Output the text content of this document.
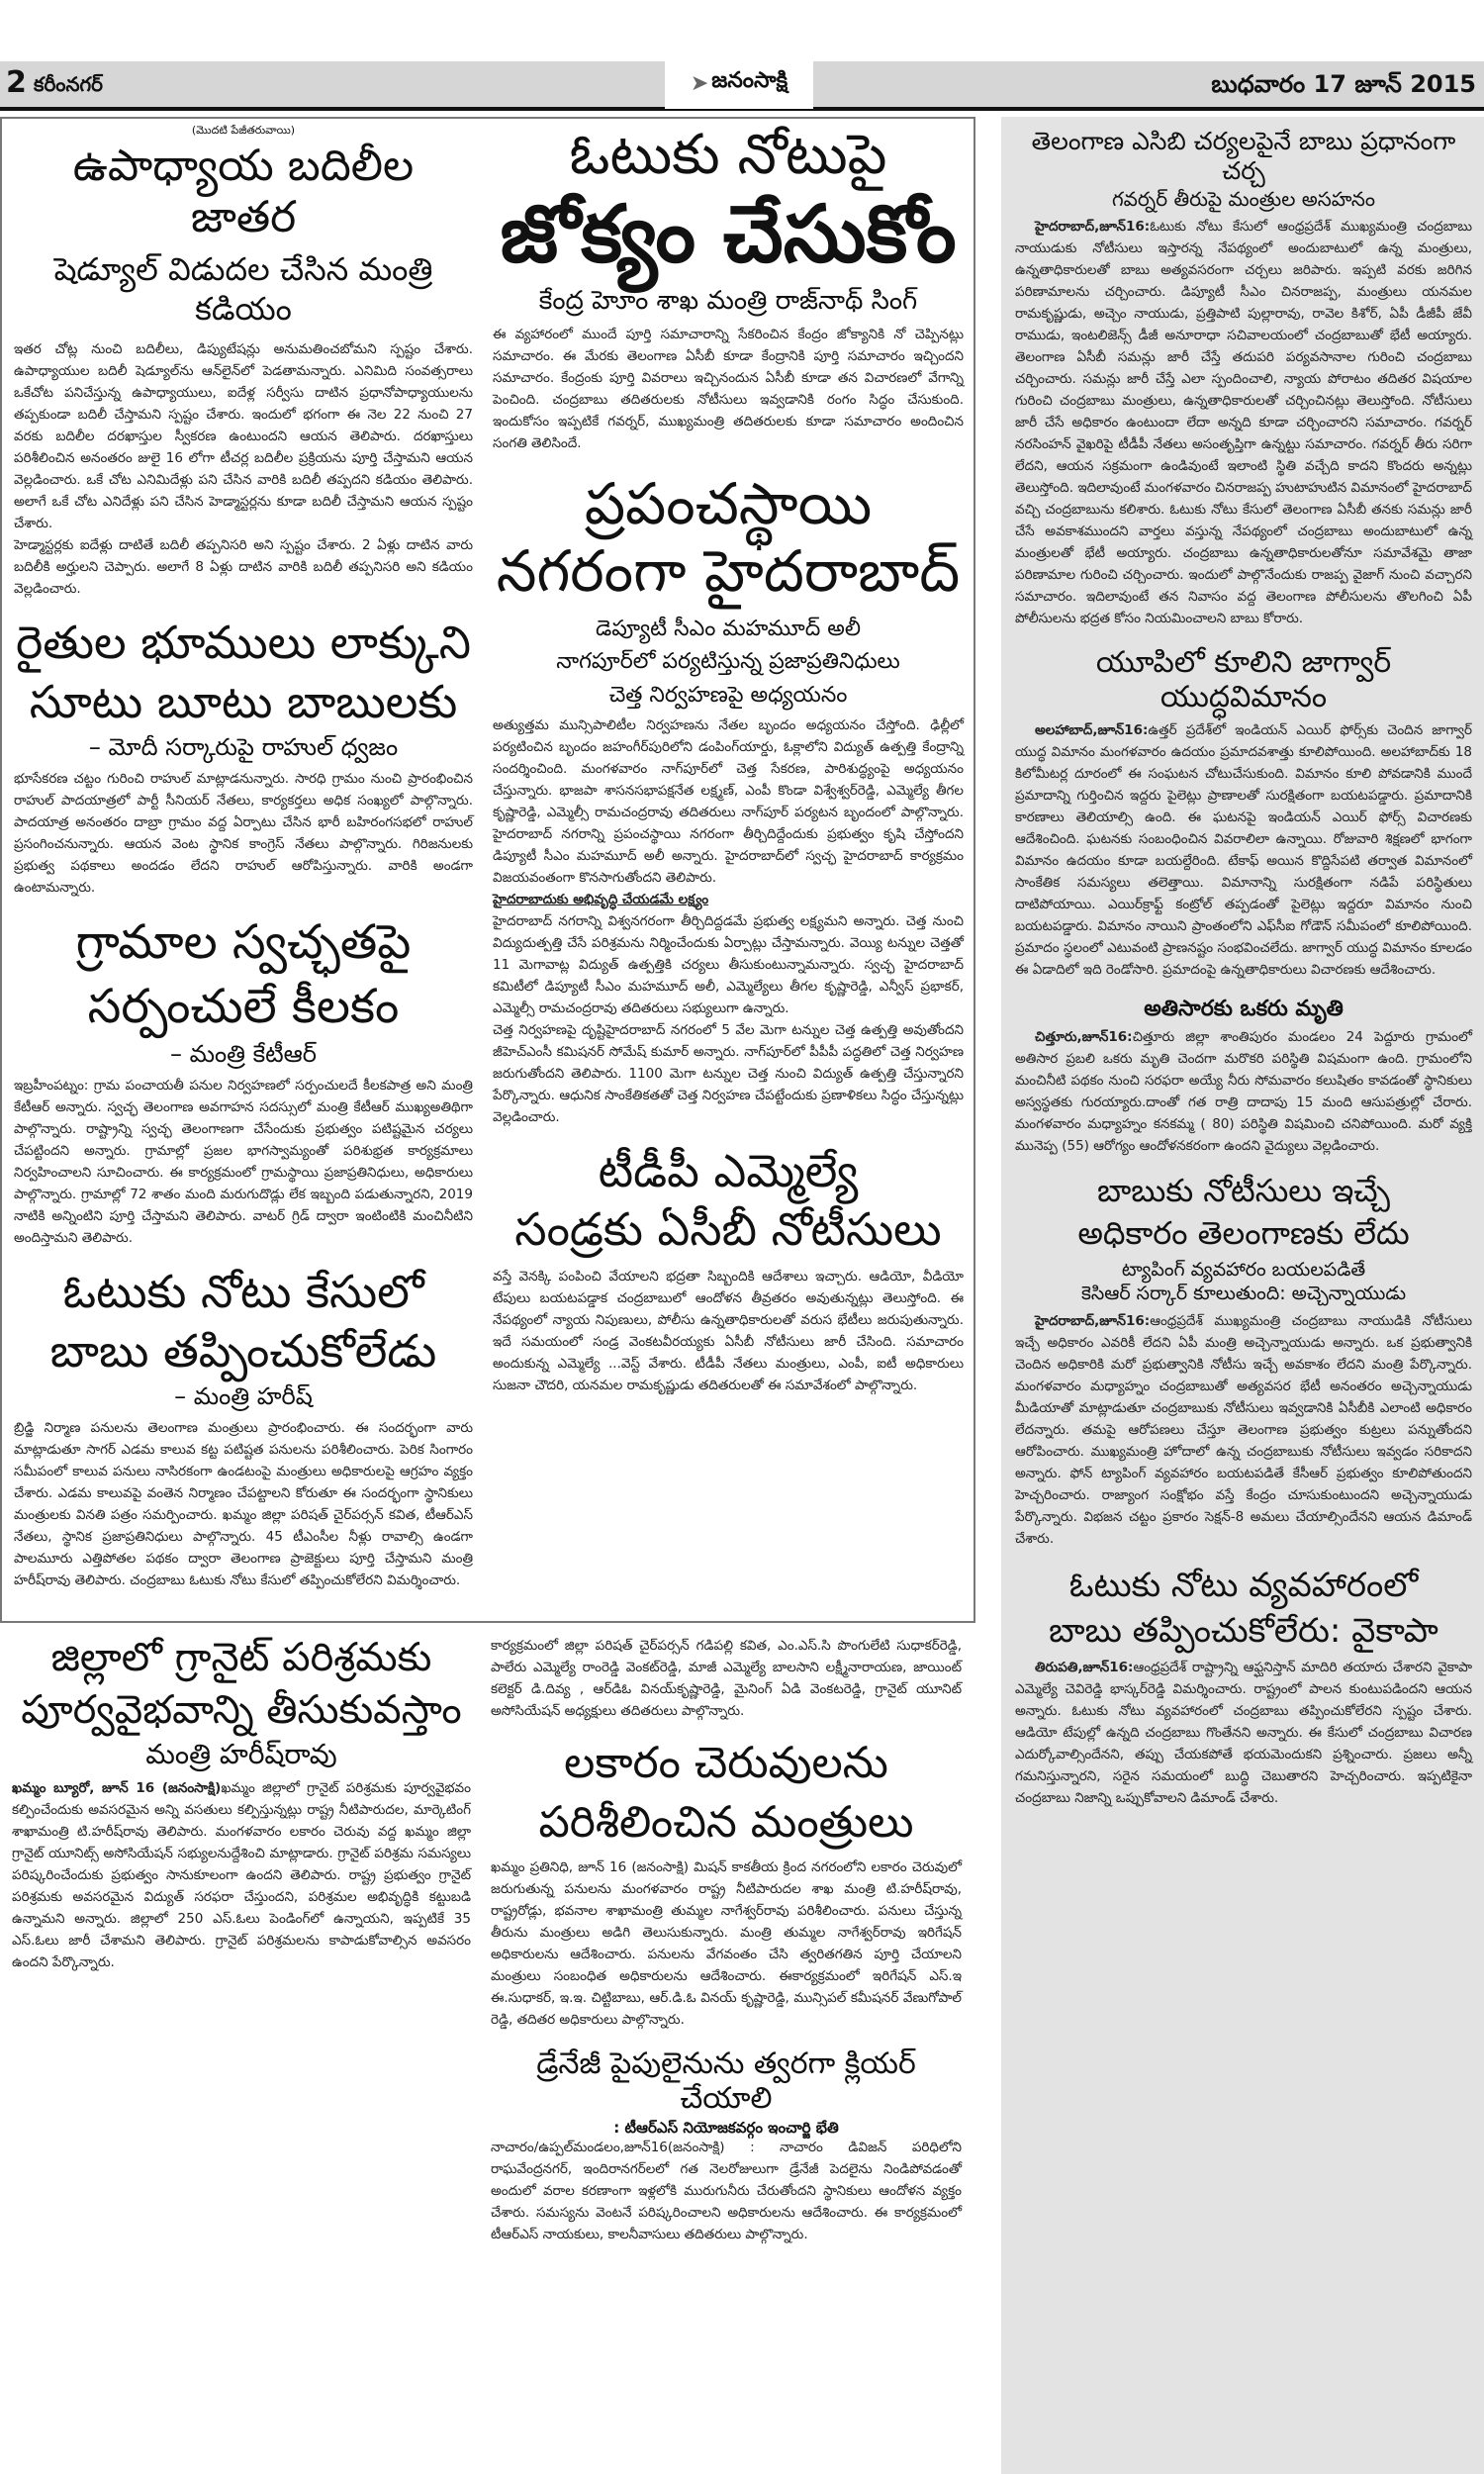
2 కరీంనగర్	➤ జనంసాక్షి	బుధవారం 17 జూన్ 2015

(మొదటి పేజీతరువాయి)

ఉపాధ్యాయ బదిలీల జాతర
షెడ్యూల్ విడుదల చేసిన మంత్రి కడియం

ఇతర చోట్ల నుంచి బదిలీలు, డిప్యుటేషన్లు అనుమతించబోమని స్పష్టం చేశారు. ఉపాధ్యాయుల బదిలీ షెడ్యూల్‌ను ఆన్‌లైన్‌లో పెడతామన్నారు. ఎనిమిది సంవత్సరాలు ఒకేచోట పనిచేస్తున్న ఉపాధ్యాయులు, ఐదేళ్ల సర్వీసు దాటిన ప్రధానోపాధ్యాయులను తప్పకుండా బదిలీ చేస్తామని స్పష్టం చేశారు. ఇందులో భగంగా ఈ నెల 22 నుంచి 27 వరకు బదిలీల దరఖాస్తుల స్వీకరణ ఉంటుందని ఆయన తెలిపారు. దరఖాస్తులు పరిశీలించిన అనంతరం జులై 16 లోగా టీచర్ల బదిలీల ప్రక్రియను పూర్తి చేస్తామని ఆయన వెల్లడించారు. ఒకే చోట ఎనిమిదేళ్లు పని చేసిన వారికి బదిలీ తప్పదని కడియం తెలిపారు. అలాగే ఒకే చోట ఎనిదేళ్లు పని చేసిన హెడ్మాస్టర్లను కూడా బదిలీ చేస్తామని ఆయన స్పష్టం చేశారు.

హెడ్మాస్టర్లకు ఐదేళ్లు దాటితే బదిలీ తప్పనిసరి అని స్పష్టం చేశారు. 2 ఏళ్లు దాటిన వారు బదిలీకి అర్హులని చెప్పారు. అలాగే 8 ఏళ్లు దాటిన వారికి బదిలీ తప్పనిసరి అని కడియం వెల్లడించారు.

రైతుల భూములు లాక్కుని
సూటు బూటు బాబులకు
– మోదీ సర్కారుపై రాహుల్ ధ్వజం

భూసేకరణ చట్టం గురించి రాహుల్ మాట్లాడనున్నారు. సారధి గ్రామం నుంచి ప్రారంభించిన రాహుల్ పాదయాత్రలో పార్టీ సీనియర్ నేతలు, కార్యకర్తలు అధిక సంఖ్యలో పాల్గొన్నారు. పాదయాత్ర అనంతరం దాబ్రా గ్రామం వద్ద ఏర్పాటు చేసిన భారీ బహిరంగసభలో రాహుల్ ప్రసంగించనున్నారు. ఆయన వెంట స్థానిక కాంగ్రెస్ నేతలు పాల్గొన్నారు. గిరిజనులకు ప్రభుత్వ పథకాలు అందడం లేదని రాహుల్ ఆరోపిస్తున్నారు. వారికి అండగా ఉంటామన్నారు.

గ్రామాల స్వచ్ఛతపై
సర్పంచులే కీలకం
– మంత్రి కేటీఆర్

ఇబ్రహీంపట్నం: గ్రామ పంచాయతీ పనుల నిర్వహణలో సర్పంచులదే కీలకపాత్ర అని మంత్రి కేటీఆర్ అన్నారు. స్వచ్ఛ తెలంగాణ అవగాహన సదస్సులో మంత్రి కేటీఆర్ ముఖ్యఅతిథిగా పాల్గొన్నారు. రాష్ట్రాన్ని స్వచ్ఛ తెలంగాణగా చేసేందుకు ప్రభుత్వం పటిష్టమైన చర్యలు చేపట్టిందని అన్నారు. గ్రామాల్లో ప్రజల భాగస్వామ్యంతో పరిశుభ్రత కార్యక్రమాలు నిర్వహించాలని సూచించారు. ఈ కార్యక్రమంలో గ్రామస్థాయి ప్రజాప్రతినిధులు, అధికారులు పాల్గొన్నారు. గ్రామాల్లో 72 శాతం మంది మరుగుదొడ్లు లేక ఇబ్బంది పడుతున్నారని, 2019 నాటికి అన్నింటిని పూర్తి చేస్తామని తెలిపారు. వాటర్ గ్రిడ్ ద్వారా ఇంటింటికి మంచినీటిని అందిస్తామని తెలిపారు.

ఓటుకు నోటు కేసులో
బాబు తప్పించుకోలేడు
– మంత్రి హరీష్

బ్రిడ్జి నిర్మాణ పనులను తెలంగాణ మంత్రులు ప్రారంభించారు. ఈ సందర్భంగా వారు మాట్లాడుతూ సాగర్ ఎడమ కాలువ కట్ట పటిష్టత పనులను పరిశీలించారు. పెరిక సింగారం సమీపంలో కాలువ పనులు నాసిరకంగా ఉండటంపై మంత్రులు అధికారులపై ఆగ్రహం వ్యక్తం చేశారు. ఎడమ కాలువపై వంతెన నిర్మాణం చేపట్టాలని కోరుతూ ఈ సందర్భంగా స్థానికులు మంత్రులకు వినతి పత్రం సమర్పించారు. ఖమ్మం జిల్లా పరిషత్ చైర్‌పర్సన్ కవిత, టీఆర్ఎస్ నేతలు, స్థానిక ప్రజాప్రతినిధులు పాల్గొన్నారు. 45 టీఎంసీల నీళ్లు రావాల్సి ఉండగా పాలమూరు ఎత్తిపోతల పథకం ద్వారా తెలంగాణ ప్రాజెక్టులు పూర్తి చేస్తామని మంత్రి హరీష్‌రావు తెలిపారు. చంద్రబాబు ఓటుకు నోటు కేసులో తప్పించుకోలేరని విమర్శించారు.

ఓటుకు నోటుపై
జోక్యం చేసుకోం
కేంద్ర హెూం శాఖ మంత్రి రాజ్‌నాథ్ సింగ్

ఈ వ్యహారంలో ముందే పూర్తి సమాచారాన్ని సేకరించిన కేంద్రం జోక్యానికి నో చెప్పినట్లు సమాచారం. ఈ మేరకు తెలంగాణ ఏసీబీ కూడా కేంద్రానికి పూర్తి సమాచారం ఇచ్చిందని సమాచారం. కేంద్రంకు పూర్తి వివరాలు ఇచ్చినందున ఏసీబీ కూడా తన విచారణలో వేగాన్ని పెంచింది. చంద్రబాబు తదితరులకు నోటీసులు ఇవ్వడానికి రంగం సిద్ధం చేసుకుంది. ఇందుకోసం ఇప్పటికే గవర్నర్, ముఖ్యమంత్రి తదితరులకు కూడా సమాచారం అందించిన సంగతి తెలిసిందే.

ప్రపంచస్థాయి
నగరంగా హైదరాబాద్
డెప్యూటీ సీఎం మహమూద్ అలీ
నాగపూర్‌లో పర్యటిస్తున్న ప్రజాప్రతినిధులు
చెత్త నిర్వహణపై అధ్యయనం

అత్యుత్తమ మున్సిపాలిటీల నిర్వహణను నేతల బృందం అధ్యయనం చేస్తోంది. ఢిల్లీలో పర్యటించిన బృందం జహంగీర్‌పురిలోని డంపింగ్‌యార్డు, ఓక్లాలోని విద్యుత్ ఉత్పత్తి కేంద్రాన్ని సందర్శించింది. మంగళవారం నాగ్‌పూర్‌లో చెత్త సేకరణ, పారిశుద్ధ్యంపై అధ్యయనం చేస్తున్నారు. భాజపా శాసనసభాపక్షనేత లక్ష్మణ్, ఎంపీ కొండా విశ్వేశ్వర్‌రెడ్డి, ఎమ్మెల్యే తీగల కృష్ణారెడ్డి, ఎమ్మెల్సీ రామచంద్రరావు తదితరులు నాగ్‌పూర్ పర్యటన బృందంలో పాల్గొన్నారు. హైదరాబాద్ నగరాన్ని ప్రపంచస్థాయి నగరంగా తీర్చిదిద్దేందుకు ప్రభుత్వం కృషి చేస్తోందని డిప్యూటీ సీఎం మహమూద్ అలీ అన్నారు. హైదరాబాద్‌లో స్వచ్ఛ హైదరాబాద్ కార్యక్రమం విజయవంతంగా కొనసాగుతోందని తెలిపారు.

హైదరాబాదుకు అభివృద్ధి చేయడమే లక్ష్యం

హైదరాబాద్ నగరాన్ని విశ్వనగరంగా తీర్చిదిద్దడమే ప్రభుత్వ లక్ష్యమని అన్నారు. చెత్త నుంచి విద్యుదుత్పత్తి చేసే పరిశ్రమను నిర్మించేందుకు ఏర్పాట్లు చేస్తామన్నారు. వెయ్యి టన్నుల చెత్తతో 11 మెగావాట్ల విద్యుత్ ఉత్పత్తికి చర్యలు తీసుకుంటున్నామన్నారు. స్వచ్ఛ హైదరాబాద్ కమిటీలో డిప్యూటీ సీఎం మహమూద్ అలీ, ఎమ్మెల్యేలు తీగల కృష్ణారెడ్డి, ఎన్వీస్ ప్రభాకర్, ఎమ్మెల్సీ రామచంద్రరావు తదితరులు సభ్యులుగా ఉన్నారు.

చెత్త నిర్వహణపై దృష్టిహైదరాబాద్ నగరంలో 5 వేల మెగా టన్నుల చెత్త ఉత్పత్తి అవుతోందని జీహెచ్ఎంసీ కమిషనర్ సోమేష్ కుమార్ అన్నారు. నాగ్‌పూర్‌లో పీపీపీ పద్ధతిలో చెత్త నిర్వహణ జరుగుతోందని తెలిపారు. 1100 మెగా టన్నుల చెత్త నుంచి విద్యుత్ ఉత్పత్తి చేస్తున్నారని పేర్కొన్నారు. ఆధునిక సాంకేతికతతో చెత్త నిర్వహణ చేపట్టేందుకు ప్రణాళికలు సిద్ధం చేస్తున్నట్లు వెల్లడించారు.

టీడీపీ ఎమ్మెల్యే
సండ్రకు ఏసీబీ నోటీసులు

వస్తే వెనక్కి పంపించి వేయాలని భద్రతా సిబ్బందికి ఆదేశాలు ఇచ్చారు. ఆడియో, వీడియో టేపులు బయటపడ్డాక చంద్రబాబులో ఆందోళన తీవ్రతరం అవుతున్నట్లు తెలుస్తోంది. ఈ నేపథ్యంలో న్యాయ నిపుణులు, పోలీసు ఉన్నతాధికారులతో వరుస భేటీలు జరుపుతున్నారు. ఇదే సమయంలో సండ్ర వెంకటవీరయ్యకు ఏసీబీ నోటీసులు జారీ చేసింది. సమాచారం అందుకున్న ఎమ్మెల్యే ...వెస్ట్ వేశారు. టీడీపీ నేతలు మంత్రులు, ఎంపీ, ఐటీ అధికారులు సుజనా చౌదరి, యనమల రామకృష్ణుడు తదితరులతో ఈ సమావేశంలో పాల్గొన్నారు.

జిల్లాలో గ్రానైట్ పరిశ్రమకు
పూర్వవైభవాన్ని తీసుకువస్తాం
మంత్రి హరీష్‌రావు

ఖమ్మం బ్యూరో, జూన్ 16 (జనంసాక్షి)ఖమ్మం జిల్లాలో గ్రానైట్ పరిశ్రమకు పూర్వవైభవం కల్పించేందుకు అవసరమైన అన్ని వసతులు కల్పిస్తున్నట్లు రాష్ట్ర నీటిపారుదల, మార్కెటింగ్ శాఖామంత్రి టి.హరీష్‌రావు తెలిపారు. మంగళవారం లకారం చెరువు వద్ద ఖమ్మం జిల్లా గ్రానైట్ యూనిట్స్ అసోసియేషన్ సభ్యులనుద్దేశించి మాట్లాడారు. గ్రానైట్ పరిశ్రమ సమస్యలు పరిష్కరించేందుకు ప్రభుత్వం సానుకూలంగా ఉందని తెలిపారు. రాష్ట్ర ప్రభుత్వం గ్రానైట్ పరిశ్రమకు అవసరమైన విద్యుత్ సరఫరా చేస్తుందని, పరిశ్రమల అభివృద్ధికి కట్టుబడి ఉన్నామని అన్నారు. జిల్లాలో 250 ఎస్.ఓలు పెండింగ్‌లో ఉన్నాయని, ఇప్పటికే 35 ఎస్.ఓలు జారీ చేశామని తెలిపారు. గ్రానైట్ పరిశ్రమలను కాపాడుకోవాల్సిన అవసరం ఉందని పేర్కొన్నారు.

కార్యక్రమంలో జిల్లా పరిషత్ చైర్‌పర్సన్ గడిపల్లి కవిత, ఎం.ఎస్.సి పొంగులేటి సుధాకర్‌రెడ్డి, పాలేరు ఎమ్మెల్యే రాంరెడ్డి వెంకట్‌రెడ్డి, మాజీ ఎమ్మెల్యే బాలసాని లక్ష్మీనారాయణ, జాయింట్ కలెక్టర్ డి.దివ్య , ఆర్‌డిఓ వినయ్‌కృష్ణారెడ్డి, మైనింగ్ ఏడి వెంకటరెడ్డి, గ్రానైట్ యూనిట్ అసోసియేషన్ అధ్యక్షులు తదితరులు పాల్గొన్నారు.

లకారం చెరువులను
పరిశీలించిన మంత్రులు

ఖమ్మం ప్రతినిధి, జూన్ 16 (జనంసాక్షి) మిషన్ కాకతీయ క్రింద నగరంలోని లకారం చెరువులో జరుగుతున్న పనులను మంగళవారం రాష్ట్ర నీటిపారుదల శాఖ మంత్రి టి.హరీష్‌రావు, రాష్ట్రరోడ్లు, భవనాల శాఖామంత్రి తుమ్మల నాగేశ్వర్‌రావు పరిశీలించారు. పనులు చేస్తున్న తీరును మంత్రులు అడిగి తెలుసుకున్నారు. మంత్రి తుమ్మల నాగేశ్వర్‌రావు ఇరిగేషన్ అధికారులను ఆదేశించారు. పనులను వేగవంతం చేసి త్వరితగతిన పూర్తి చేయాలని మంత్రులు సంబంధిత అధికారులను ఆదేశించారు. ఈకార్యక్రమంలో ఇరిగేషన్ ఎస్.ఇ ఈ.సుధాకర్, ఇ.ఇ. చిట్టిబాబు, ఆర్.డి.ఓ వినయ్ కృష్ణారెడ్డి, మున్సిపల్ కమీషనర్ వేణుగోపాల్ రెడ్డి, తదితర అధికారులు పాల్గొన్నారు.

డ్రేనేజీ పైపులైనును త్వరగా క్లియర్ చేయాలి
: టీఆర్ఎస్ నియోజకవర్గం ఇంచార్జి భేతి

నాచారం/ఉప్పల్‌మండలం,జూన్16(జనంసాక్షి) : నాచారం డివిజన్ పరిధిలోని రాఘవేంద్రనగర్, ఇందిరానగర్‌లలో గత నెలరోజులుగా డ్రేనేజీ పెదలైను నిండిపోవడంతో అందులో వరాల కరణాంగా ఇళ్లలోకి మురుగునీరు చేరుతోందని స్థానికులు ఆందోళన వ్యక్తం చేశారు. సమస్యను వెంటనే పరిష్కరించాలని అధికారులను ఆదేశించారు. ఈ కార్యక్రమంలో టీఆర్ఎస్ నాయకులు, కాలనీవాసులు తదితరులు పాల్గొన్నారు.

తెలంగాణ ఎసిబి చర్యలపైనే బాబు ప్రధానంగా చర్చ
గవర్నర్ తీరుపై మంత్రుల అసహనం

హైదరాబాద్,జూన్16:ఓటుకు నోటు కేసులో ఆంధ్రప్రదేశ్ ముఖ్యమంత్రి చంద్రబాబు నాయుడుకు నోటీసులు ఇస్తారన్న నేపథ్యంలో అందుబాటులో ఉన్న మంత్రులు, ఉన్నతాధికారులతో బాబు అత్యవసరంగా చర్చలు జరిపారు. ఇప్పటి వరకు జరిగిన పరిణామాలను చర్చించారు. డిప్యూటీ సీఎం చినరాజప్ప, మంత్రులు యనమల రామకృష్ణుడు, అచ్చెం నాయుడు, ప్రత్తిపాటి పుల్లారావు, రావెల కిశోర్, ఏపీ డీజీపీ జేవీ రాముడు, ఇంటలిజెన్స్ డీజీ అనూరాధా సచివాలయంలో చంద్రబాబుతో భేటీ అయ్యారు. తెలంగాణ ఏసీబీ సమన్లు జారీ చేస్తే తదుపరి పర్యవసానాల గురించి చంద్రబాబు చర్చించారు. సమన్లు జారీ చేస్తే ఎలా స్పందించాలి, న్యాయ పోరాటం తదితర విషయాల గురించి చంద్రబాబు మంత్రులు, ఉన్నతాధికారులతో చర్చించినట్లు తెలుస్తోంది. నోటీసులు జారీ చేసే అధికారం ఉంటుందా లేదా అన్నది కూడా చర్చించారని సమాచారం. గవర్నర్ నరసింహన్ వైఖరిపై టీడీపీ నేతలు అసంతృప్తిగా ఉన్నట్టు సమాచారం. గవర్నర్ తీరు సరిగా లేదని, ఆయన సక్రమంగా ఉండివుంటే ఇలాంటి స్థితి వచ్చేది కాదని కొందరు అన్నట్లు తెలుస్తోంది. ఇదిలావుంటే మంగళవారం చినరాజప్ప హుటాహుటిన విమానంలో హైదరాబాద్ వచ్చి చంద్రబాబును కలిశారు. ఓటుకు నోటు కేసులో తెలంగాణ ఏసీబీ తనకు సమన్లు జారీ చేసే అవకాశముందని వార్తలు వస్తున్న నేపథ్యంలో చంద్రబాబు అందుబాటులో ఉన్న మంత్రులతో భేటీ అయ్యారు. చంద్రబాబు ఉన్నతాధికారులతోనూ సమావేశమై తాజా పరిణామాల గురించి చర్చించారు. ఇందులో పాల్గొనేందుకు రాజప్ప వైజాగ్ నుంచి వచ్చారని సమాచారం. ఇదిలావుంటే తన నివాసం వద్ద తెలంగాణ పోలీసులను తొలగించి ఏపీ పోలీసులను భద్రత కోసం నియమించాలని బాబు కోరారు.

యూపిలో కూలిని జాగ్వార్ యుద్ధవిమానం

అలహాబాద్,జూన్16:ఉత్తర్ ప్రదేశ్‌లో ఇండియన్ ఎయిర్ ఫోర్స్‌కు చెందిన జాగ్వార్ యుద్ధ విమానం మంగళవారం ఉదయం ప్రమాదవశాత్తు కూలిపోయింది. అలహాబాద్‌కు 18 కిలోమీటర్ల దూరంలో ఈ సంఘటన చోటుచేసుకుంది. విమానం కూలి పోవడానికి ముందే ప్రమాదాన్ని గుర్తించిన ఇద్దరు పైలెట్లు ప్రాణాలతో సురక్షితంగా బయటపడ్డారు. ప్రమాదానికి కారణాలు తెలియాల్సి ఉంది. ఈ ఘటనపై ఇండియన్ ఎయిర్ ఫోర్స్ విచారణకు ఆదేశించింది. ఘటనకు సంబంధించిన వివరాలిలా ఉన్నాయి. రోజువారి శిక్షణలో భాగంగా విమానం ఉదయం కూడా బయల్దేరింది. టేకాఫ్ అయిన కొద్దిసేపటి తర్వాత విమానంలో సాంకేతిక సమస్యలు తలెత్తాయి. విమానాన్ని సురక్షితంగా నడిపే పరిస్థితులు దాటిపోయాయి. ఎయిర్‌క్రాఫ్ట్ కంట్రోల్ తప్పడంతో పైలెట్లు ఇద్దరూ విమానం నుంచి బయటపడ్డారు. విమానం నాయిని ప్రాంతంలోని ఎఫ్‌సీఐ గోడౌన్ సమీపంలో కూలిపోయింది. ప్రమాదం స్థలంలో ఎటువంటి ప్రాణనష్టం సంభవించలేదు. జాగ్వార్ యుద్ధ విమానం కూలడం ఈ ఏడాదిలో ఇది రెండోసారి. ప్రమాదంపై ఉన్నతాధికారులు విచారణకు ఆదేశించారు.

అతిసారకు ఒకరు మృతి

చిత్తూరు,జూన్16:చిత్తూరు జిల్లా శాంతిపురం మండలం 24 పెద్దూరు గ్రామంలో అతిసార ప్రబలి ఒకరు మృతి చెందగా మరొకరి పరిస్థితి విషమంగా ఉంది. గ్రామంలోని మంచినీటి పథకం నుంచి సరఫరా అయ్యే నీరు సోమవారం కలుషితం కావడంతో స్థానికులు అస్వస్థతకు గురయ్యారు.దాంతో గత రాత్రి దాదాపు 15 మంది ఆసుపత్రుల్లో చేరారు. మంగళవారం మధ్యాహ్నం కనకమ్మ ( 80) పరిస్థితి విషమించి చనిపోయింది. మరో వ్యక్తి మునెప్ప (55) ఆరోగ్యం ఆందోళనకరంగా ఉందని వైద్యులు వెల్లడించారు.

బాబుకు నోటీసులు ఇచ్చే
అధికారం తెలంగాణకు లేదు
ట్యాపింగ్ వ్యవహారం బయలపడితే
కెసిఆర్ సర్కార్ కూలుతుంది: అచ్చెన్నాయుడు

హైదరాబాద్,జూన్16:ఆంధ్రప్రదేశ్ ముఖ్యమంత్రి చంద్రబాబు నాయుడికి నోటీసులు ఇచ్చే అధికారం ఎవరికీ లేదని ఏపీ మంత్రి అచ్చెన్నాయుడు అన్నారు. ఒక ప్రభుత్వానికి చెందిన అధికారికి మరో ప్రభుత్వానికి నోటీసు ఇచ్చే అవకాశం లేదని మంత్రి పేర్కొన్నారు. మంగళవారం మధ్యాహ్నం చంద్రబాబుతో అత్యవసర భేటీ అనంతరం అచ్చెన్నాయుడు మీడియాతో మాట్లాడుతూ చంద్రబాబుకు నోటీసులు ఇవ్వడానికి ఏసీబీకి ఎలాంటి అధికారం లేదన్నారు. తమపై ఆరోపణలు చేస్తూ తెలంగాణ ప్రభుత్వం కుట్రలు పన్నుతోందని ఆరోపించారు. ముఖ్యమంత్రి హోదాలో ఉన్న చంద్రబాబుకు నోటీసులు ఇవ్వడం సరికాదని అన్నారు. ఫోన్ ట్యాపింగ్ వ్యవహారం బయటపడితే కేసీఆర్ ప్రభుత్వం కూలిపోతుందని హెచ్చరించారు. రాజ్యాంగ సంక్షోభం వస్తే కేంద్రం చూసుకుంటుందని అచ్చెన్నాయుడు పేర్కొన్నారు. విభజన చట్టం ప్రకారం సెక్షన్-8 అమలు చేయాల్సిందేనని ఆయన డిమాండ్ చేశారు.

ఓటుకు నోటు వ్యవహారంలో
బాబు తప్పించుకోలేరు: వైకాపా

తిరుపతి,జూన్16:ఆంధ్రప్రదేశ్ రాష్ట్రాన్ని ఆఫ్ఘనిస్తాన్ మాదిరి తయారు చేశారని వైకాపా ఎమ్మెల్యే చెవిరెడ్డి భాస్కర్‌రెడ్డి విమర్శించారు. రాష్ట్రంలో పాలన కుంటుపడిందని ఆయన అన్నారు. ఓటుకు నోటు వ్యవహారంలో చంద్రబాబు తప్పించుకోలేరని స్పష్టం చేశారు. ఆడియో టేపుల్లో ఉన్నది చంద్రబాబు గొంతేనని అన్నారు. ఈ కేసులో చంద్రబాబు విచారణ ఎదుర్కోవాల్సిందేనని, తప్పు చేయకపోతే భయమెందుకని ప్రశ్నించారు. ప్రజలు అన్నీ గమనిస్తున్నారని, సరైన సమయంలో బుద్ధి చెబుతారని హెచ్చరించారు. ఇప్పటికైనా చంద్రబాబు నిజాన్ని ఒప్పుకోవాలని డిమాండ్ చేశారు.
